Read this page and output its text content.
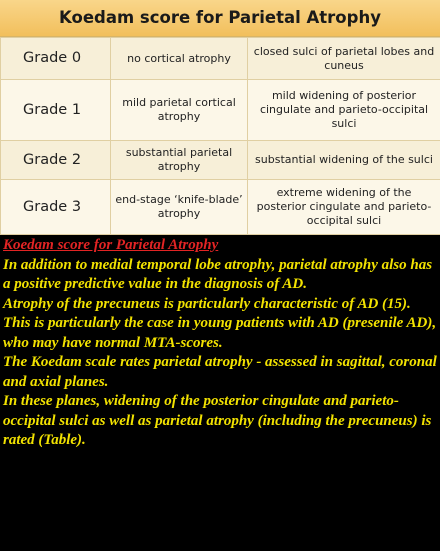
Koedam score for Parietal Atrophy
Grade 0	no cortical atrophy	closed sulci of parietal lobes and cuneus
Grade 1	mild parietal cortical atrophy	mild widening of posterior cingulate and parieto-occipital sulci
Grade 2	substantial parietal atrophy	substantial widening of the sulci
Grade 3	end-stage ‘knife-blade’ atrophy	extreme widening of the posterior cingulate and parieto-occipital sulci

Koedam score for Parietal Atrophy

In addition to medial temporal lobe atrophy, parietal atrophy also has a positive predictive value in the diagnosis of AD.

Atrophy of the precuneus is particularly characteristic of AD (15).

This is particularly the case in young patients with AD (presenile AD), who may have normal MTA-scores.

The Koedam scale rates parietal atrophy - assessed in sagittal, coronal and axial planes.

In these planes, widening of the posterior cingulate and parieto-occipital sulci as well as parietal atrophy (including the precuneus) is rated (Table).
